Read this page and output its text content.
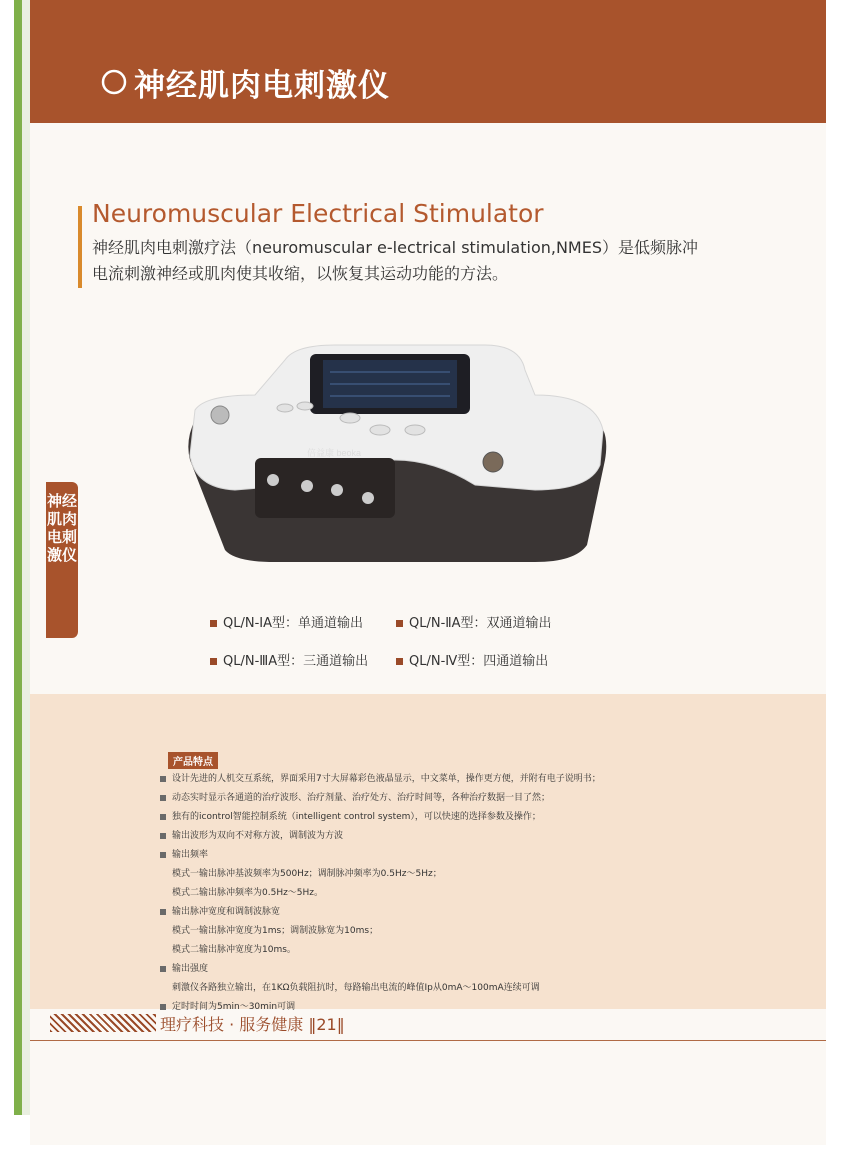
神经肌肉电刺激仪
Neuromuscular Electrical Stimulator
神经肌肉电刺激疗法（neuromuscular e-lectrical stimulation,NMES）是低频脉冲电流刺激神经或肌肉使其收缩，以恢复其运动功能的方法。
神经肌肉电刺激仪
倍益康 beoka
QL/N-ⅠA型：单通道输出	QL/N-ⅡA型：双通道输出
QL/N-ⅢA型：三通道输出	QL/N-Ⅳ型：四通道输出
产品特点
设计先进的人机交互系统，界面采用7寸大屏幕彩色液晶显示，中文菜单，操作更方便，并附有电子说明书；
动态实时显示各通道的治疗波形、治疗剂量、治疗处方、治疗时间等，各种治疗数据一目了然；
独有的icontrol智能控制系统（intelligent control system），可以快速的选择参数及操作；
输出波形为双向不对称方波，调制波为方波
输出频率
模式一输出脉冲基波频率为500Hz；调制脉冲频率为0.5Hz～5Hz；
模式二输出脉冲频率为0.5Hz～5Hz。
输出脉冲宽度和调制波脉宽
模式一输出脉冲宽度为1ms；调制波脉宽为10ms；
模式二输出脉冲宽度为10ms。
输出强度
刺激仪各路独立输出，在1KΩ负载阻抗时，每路输出电流的峰值Ip从0mA～100mA连续可调
定时时间为5min～30min可调
理疗科技 · 服务健康 ‖21‖
